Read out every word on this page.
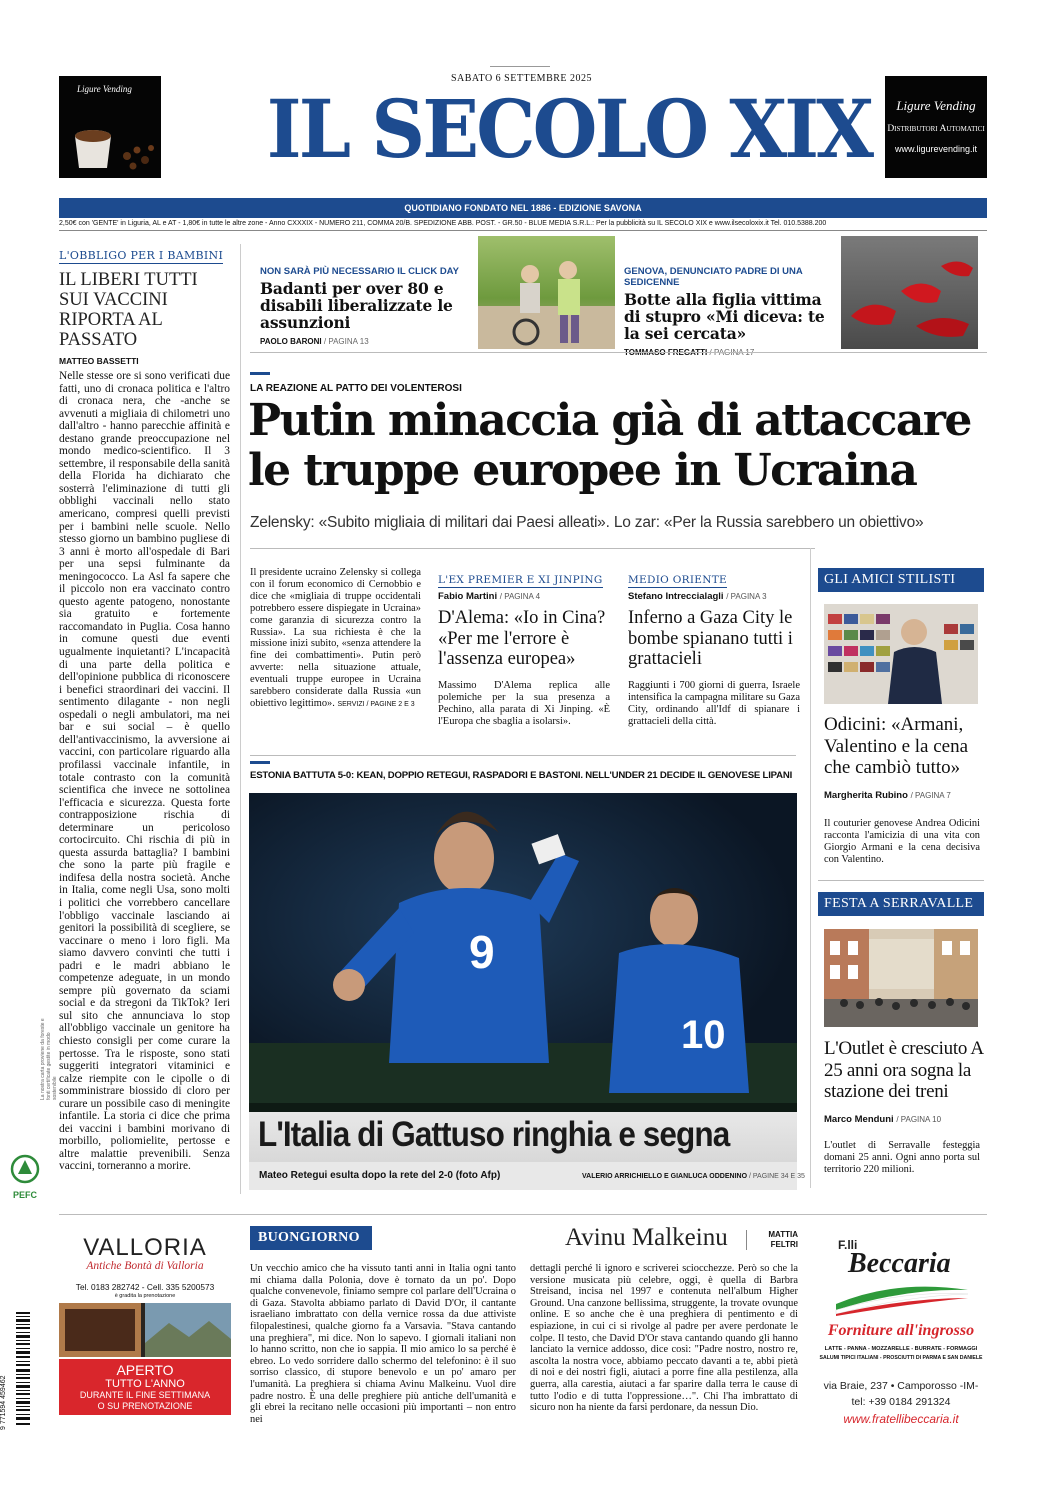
SABATO 6 SETTEMBRE 2025
IL SECOLO XIX
Ligure Vending
Ligure Vending
Distributori Automatici
www.ligurevending.it
QUOTIDIANO FONDATO NEL 1886 - EDIZIONE SAVONA
2,50€ con 'GENTE' in Liguria, AL e AT - 1,80€ in tutte le altre zone - Anno CXXXIX - NUMERO 211, COMMA 20/B. SPEDIZIONE ABB. POST. - GR.50 - BLUE MEDIA S.R.L.: Per la pubblicità su IL SECOLO XIX e www.ilsecoloxix.it Tel. 010.5388.200
L'OBBLIGO PER I BAMBINI
IL LIBERI TUTTI SUI VACCINI RIPORTA AL PASSATO
MATTEO BASSETTI
Nelle stesse ore si sono verificati due fatti, uno di cronaca politica e l'altro di cronaca nera, che -anche se avvenuti a migliaia di chilometri uno dall'altro - hanno parecchie affinità e destano grande preoccupazione nel mondo medico-scientifico. Il 3 settembre, il responsabile della sanità della Florida ha dichiarato che sosterrà l'eliminazione di tutti gli obblighi vaccinali nello stato americano, compresi quelli previsti per i bambini nelle scuole. Nello stesso giorno un bambino pugliese di 3 anni è morto all'ospedale di Bari per una sepsi fulminante da meningococco. La Asl fa sapere che il piccolo non era vaccinato contro questo agente patogeno, nonostante sia gratuito e fortemente raccomandato in Puglia. Cosa hanno in comune questi due eventi ugualmente inquietanti? L'incapacità di una parte della politica e dell'opinione pubblica di riconoscere i benefici straordinari dei vaccini. Il sentimento dilagante - non negli ospedali o negli ambulatori, ma nei bar e sui social – è quello dell'antivaccinismo, la avversione ai vaccini, con particolare riguardo alla profilassi vaccinale infantile, in totale contrasto con la comunità scientifica che invece ne sottolinea l'efficacia e sicurezza. Questa forte contrapposizione rischia di determinare un pericoloso cortocircuito. Chi rischia di più in questa assurda battaglia? I bambini che sono la parte più fragile e indifesa della nostra società. Anche in Italia, come negli Usa, sono molti i politici che vorrebbero cancellare l'obbligo vaccinale lasciando ai genitori la possibilità di sceglierе, se vaccinare o meno i loro figli. Ma siamo davvero convinti che tutti i padri e le madri abbiano le competenze adeguate, in un mondo sempre più governato da sciami social e da stregoni da TikTok? Ieri sul sito che annunciava lo stop all'obbligo vaccinale un genitore ha chiesto consigli per come curare la pertosse. Tra le risposte, sono stati suggeriti integratori vitaminici e calze riempite con le cipolle o di somministrare biossido di cloro per curare un possibile caso di meningite infantile. La storia ci dice che prima dei vaccini i bambini morivano di morbillo, poliomielite, pertosse e altre malattie prevenibili. Senza vaccini, torneranno a morire.
NON SARÀ PIÙ NECESSARIO IL CLICK DAY
Badanti per over 80 e disabili liberalizzate le assunzioni
PAOLO BARONI / PAGINA 13
GENOVA, DENUNCIATO PADRE DI UNA SEDICENNE
Botte alla figlia vittima di stupro «Mi diceva: te la sei cercata»
LA REAZIONE AL PATTO DEI VOLENTEROSI
Putin minaccia già di attaccare le truppe europee in Ucraina
Zelensky: «Subito migliaia di militari dai Paesi alleati». Lo zar: «Per la Russia sarebbero un obiettivo»
Il presidente ucraino Zelensky si collega con il forum economico di Cernobbio e dice che «migliaia di truppe occidentali potrebbero essere dispiegate in Ucraina» come garanzia di sicurezza contro la Russia». La sua richiesta è che la missione inizi subito, «senza attendere la fine dei combattimenti». Putin però avverte: nella situazione attuale, eventuali truppe europee in Ucraina sarebbero considerate dalla Russia «un obiettivo legittimo». SERVIZI / PAGINE 2 E 3
L'EX PREMIER E XI JINPING
Fabio Martini / PAGINA 4
D'Alema: «Io in Cina? «Per me l'errore è l'assenza europea»
Massimo D'Alema replica alle polemiche per la sua presenza a Pechino, alla parata di Xi Jinping. «È l'Europa che sbaglia a isolarsi».
MEDIO ORIENTE
Stefano Intreccialagli / PAGINA 3
Inferno a Gaza City le bombe spianano tutti i grattacieli
Raggiunti i 700 giorni di guerra, Israele intensifica la campagna militare su Gaza City, ordinando all'Idf di spianare i grattacieli della città.
ESTONIA BATTUTA 5-0: KEAN, DOPPIO RETEGUI, RASPADORI E BASTONI. NELL'UNDER 21 DECIDE IL GENOVESE LIPANI
9
10
L'Italia di Gattuso ringhia e segna
Mateo Retegui esulta dopo la rete del 2-0 (foto Afp)	VALERIO ARRICHIELLO E GIANLUCA ODDENINO / PAGINE 34 E 35
GLI AMICI STILISTI
Odicini: «Armani, Valentino e la cena che cambiò tutto»
Margherita Rubino / PAGINA 7
Il couturier genovese Andrea Odicini racconta l'amicizia di una vita con Giorgio Armani e la cena decisiva con Valentino.
FESTA A SERRAVALLE
L'Outlet è cresciuto A 25 anni ora sogna la stazione dei treni
Marco Menduni / PAGINA 10
L'outlet di Serravalle festeggia domani 25 anni. Ogni anno porta sul territorio 220 milioni.
PEFC
La nostra carta proviene da foreste e fonti certificate gestite in modo sostenibile
9 771594 459462
VALLORIA
Antiche Bontà di Valloria
Tel. 0183 282742 - Cell. 335 5200573
è gradita la prenotazione
APERTO
TUTTO L'ANNO
DURANTE IL FINE SETTIMANA
O SU PRENOTAZIONE
BUONGIORNO	Avinu Malkeinu	MATTIA FELTRI
Un vecchio amico che ha vissuto tanti anni in Italia ogni tanto mi chiama dalla Polonia, dove è tornato da un po'. Dopo qualche convenevole, finiamo sempre col parlare dell'Ucraina o di Gaza. Stavolta abbiamo parlato di David D'Or, il cantante israeliano imbrattato con della vernice rossa da due attiviste filopalestinesi, qualche giorno fa a Varsavia. "Stava cantando una preghiera", mi dice. Non lo sapevo. I giornali italiani non lo hanno scritto, non che io sappia. Il mio amico lo sa perché è ebreo. Lo vedo sorridere dallo schermo del telefonino: è il suo sorriso classico, di stupore benevolo e un po' amaro per l'umanità. La preghiera si chiama Avinu Malkeinu. Vuol dire padre nostro. È una delle preghiere più antiche dell'umanità e gli ebrei la recitano nelle occasioni più importanti – non entro nei
dettagli perché li ignoro e scriverei sciocchezze. Però so che la versione musicata più celebre, oggi, è quella di Barbra Streisand, incisa nel 1997 e contenuta nell'album Higher Ground. Una canzone bellissima, struggente, la trovate ovunque online. E so anche che è una preghiera di pentimento e di espiazione, in cui ci si rivolge al padre per avere perdonate le colpe. Il testo, che David D'Or stava cantando quando gli hanno lanciato la vernice addosso, dice così: "Padre nostro, nostro re, ascolta la nostra voce, abbiamo peccato davanti a te, abbi pietà di noi e dei nostri figli, aiutaci a porre fine alla pestilenza, alla guerra, alla carestia, aiutaci a far sparire dalla terra le cause di tutto l'odio e di tutta l'oppressione…". Chi l'ha imbrattato di sicuro non ha niente da farsi perdonare, da nessun Dio.
F.lli
Beccaria
Forniture all'ingrosso
LATTE - PANNA - MOZZARELLE - BURRATE - FORMAGGI
SALUMI TIPICI ITALIANI - PROSCIUTTI DI PARMA E SAN DANIELE
via Braie, 237 • Camporosso -IM-
tel: +39 0184 291324
www.fratellibeccaria.it
